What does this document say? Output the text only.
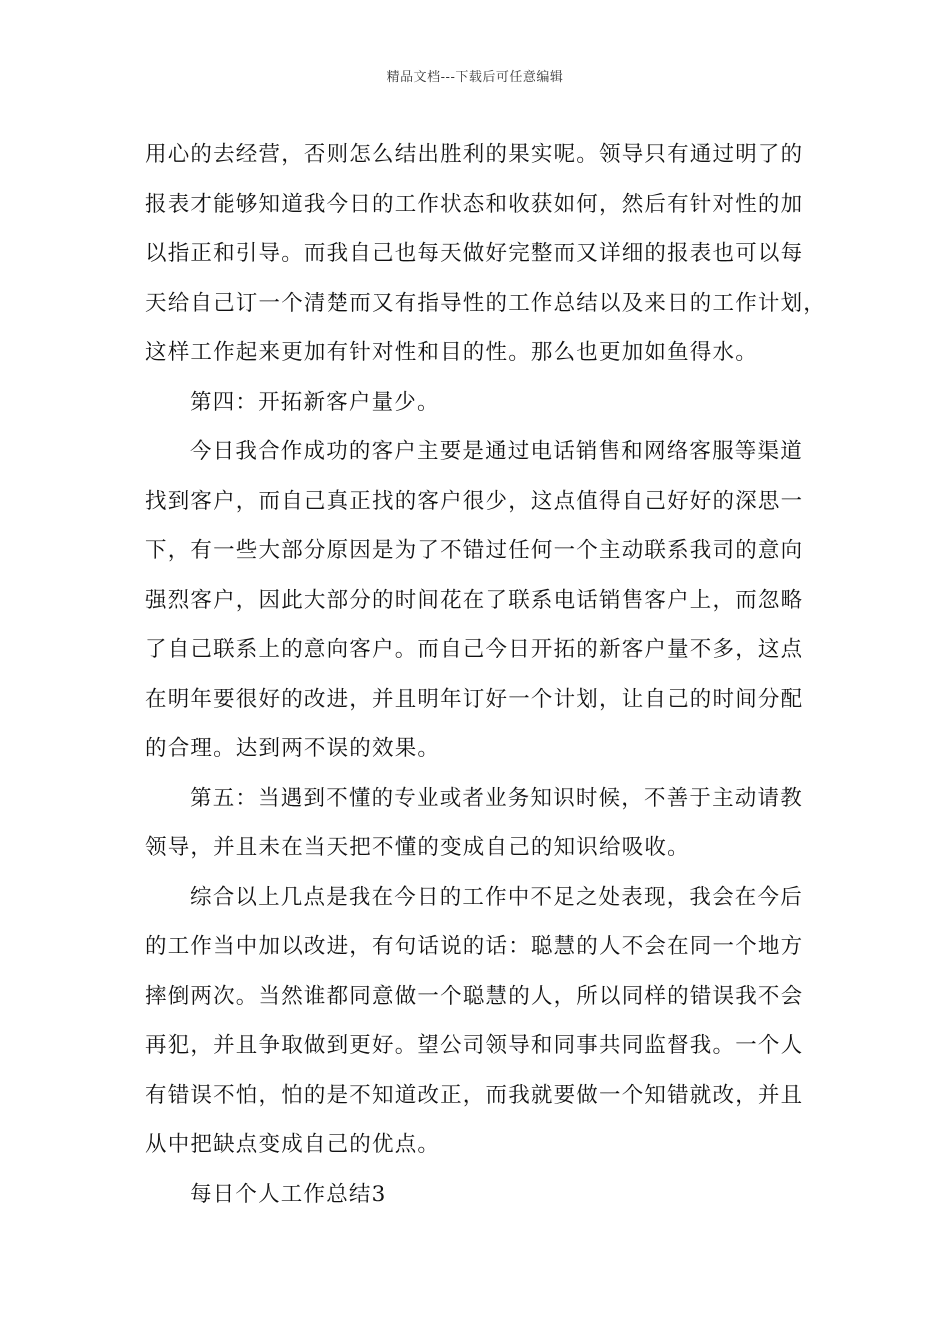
精品文档---下载后可任意编辑
用心的去经营，否则怎么结出胜利的果实呢。领导只有通过明了的
报表才能够知道我今日的工作状态和收获如何，然后有针对性的加
以指正和引导。而我自己也每天做好完整而又详细的报表也可以每
天给自己订一个清楚而又有指导性的工作总结以及来日的工作计划，
这样工作起来更加有针对性和目的性。那么也更加如鱼得水。
第四：开拓新客户量少。
今日我合作成功的客户主要是通过电话销售和网络客服等渠道
找到客户，而自己真正找的客户很少，这点值得自己好好的深思一
下，有一些大部分原因是为了不错过任何一个主动联系我司的意向
强烈客户，因此大部分的时间花在了联系电话销售客户上，而忽略
了自己联系上的意向客户。而自己今日开拓的新客户量不多，这点
在明年要很好的改进，并且明年订好一个计划，让自己的时间分配
的合理。达到两不误的效果。
第五：当遇到不懂的专业或者业务知识时候，不善于主动请教
领导，并且未在当天把不懂的变成自己的知识给吸收。
综合以上几点是我在今日的工作中不足之处表现，我会在今后
的工作当中加以改进，有句话说的话：聪慧的人不会在同一个地方
摔倒两次。当然谁都同意做一个聪慧的人，所以同样的错误我不会
再犯，并且争取做到更好。望公司领导和同事共同监督我。一个人
有错误不怕，怕的是不知道改正，而我就要做一个知错就改，并且
从中把缺点变成自己的优点。
每日个人工作总结3
